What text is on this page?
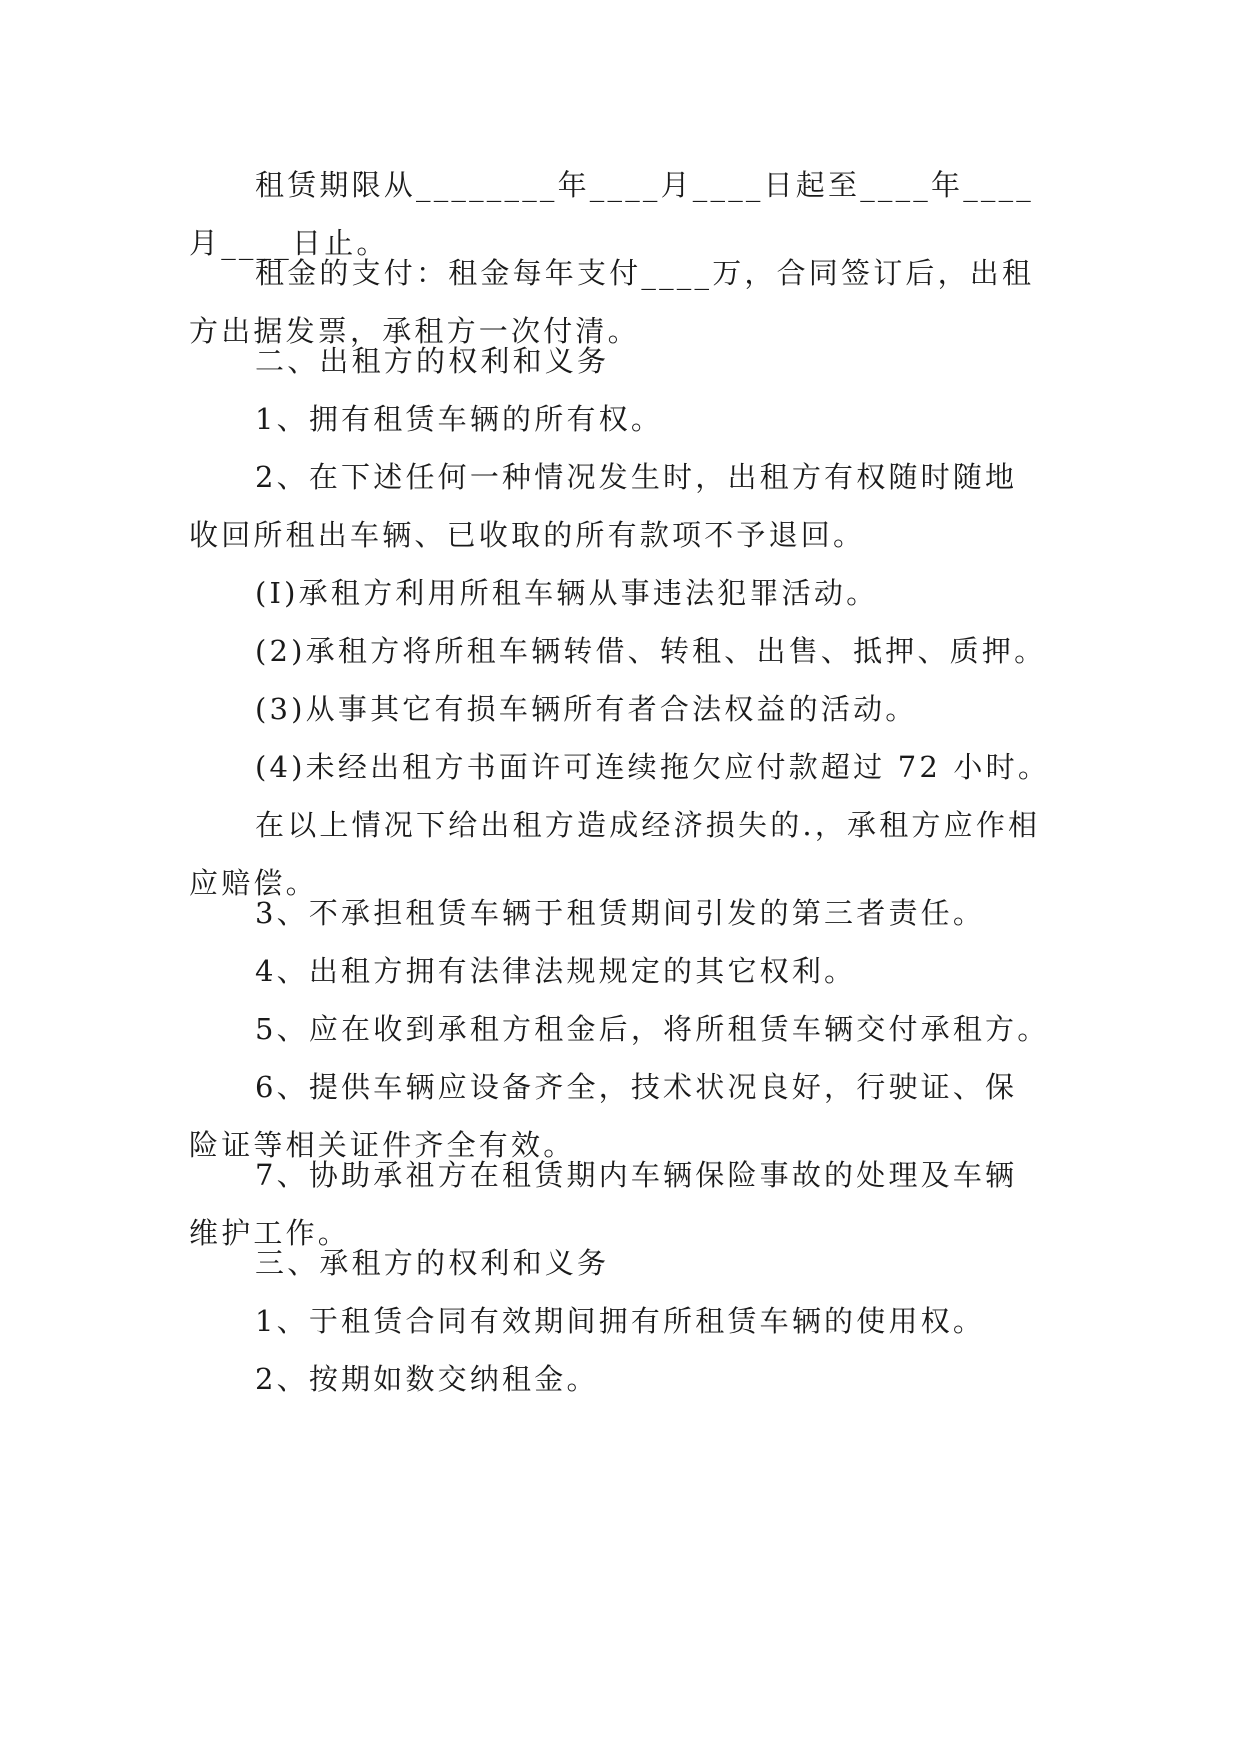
租赁期限从________年____月____日起至____年____月____日止。

租金的支付：租金每年支付____万，合同签订后，出租方出据发票，承租方一次付清。

二、出租方的权利和义务

1、拥有租赁车辆的所有权。

2、在下述任何一种情况发生时，出租方有权随时随地收回所租出车辆、已收取的所有款项不予退回。

(I)承租方利用所租车辆从事违法犯罪活动。

(2)承租方将所租车辆转借、转租、出售、抵押、质押。

(3)从事其它有损车辆所有者合法权益的活动。

(4)未经出租方书面许可连续拖欠应付款超过 72 小时。

在以上情况下给出租方造成经济损失的.，承租方应作相应赔偿。

3、不承担租赁车辆于租赁期间引发的第三者责任。

4、出租方拥有法律法规规定的其它权利。

5、应在收到承租方租金后，将所租赁车辆交付承租方。

6、提供车辆应设备齐全，技术状况良好，行驶证、保险证等相关证件齐全有效。

7、协助承祖方在租赁期内车辆保险事故的处理及车辆维护工作。

三、承租方的权利和义务

1、于租赁合同有效期间拥有所租赁车辆的使用权。

2、按期如数交纳租金。
